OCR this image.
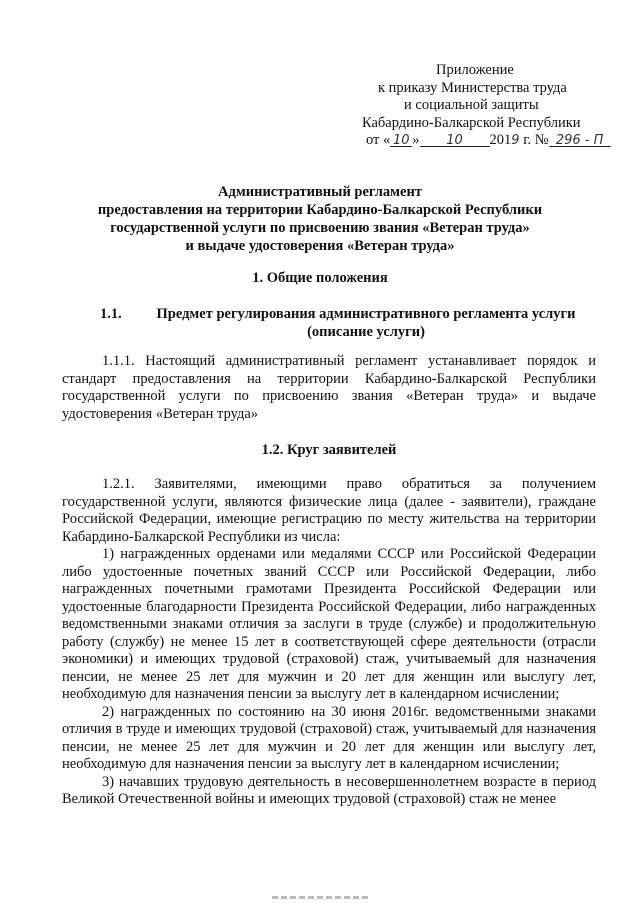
Приложение
к приказу Министерства труда
и социальной защиты
Кабардино-Балкарской Республики
от « 10 » 10 2019 г. № 296 - П
Административный регламент
предоставления на территории Кабардино-Балкарской Республики
государственной услуги по присвоению звания «Ветеран труда»
и выдаче удостоверения «Ветеран труда»
1. Общие положения
1.1.	Предмет регулирования административного регламента услуги
(описание услуги)

1.1.1. Настоящий административный регламент устанавливает порядок и стандарт предоставления на территории Кабардино-Балкарской Республики государственной услуги по присвоению звания «Ветеран труда» и выдаче удостоверения «Ветеран труда»

1.2. Круг заявителей

1.2.1. Заявителями, имеющими право обратиться за получением государственной услуги, являются физические лица (далее - заявители), граждане Российской Федерации, имеющие регистрацию по месту жительства на территории Кабардино-Балкарской Республики из числа:

1) награжденных орденами или медалями СССР или Российской Федерации либо удостоенные почетных званий СССР или Российской Федерации, либо награжденных почетными грамотами Президента Российской Федерации или удостоенные благодарности Президента Российской Федерации, либо награжденных ведомственными знаками отличия за заслуги в труде (службе) и продолжительную работу (службу) не менее 15 лет в соответствующей сфере деятельности (отрасли экономики) и имеющих трудовой (страховой) стаж, учитываемый для назначения пенсии, не менее 25 лет для мужчин и 20 лет для женщин или выслугу лет, необходимую для назначения пенсии за выслугу лет в календарном исчислении;

2) награжденных по состоянию на 30 июня 2016г. ведомственными знаками отличия в труде и имеющих трудовой (страховой) стаж, учитываемый для назначения пенсии, не менее 25 лет для мужчин и 20 лет для женщин или выслугу лет, необходимую для назначения пенсии за выслугу лет в календарном исчислении;

3) начавших трудовую деятельность в несовершеннолетнем возрасте в период Великой Отечественной войны и имеющих трудовой (страховой) стаж не менее
